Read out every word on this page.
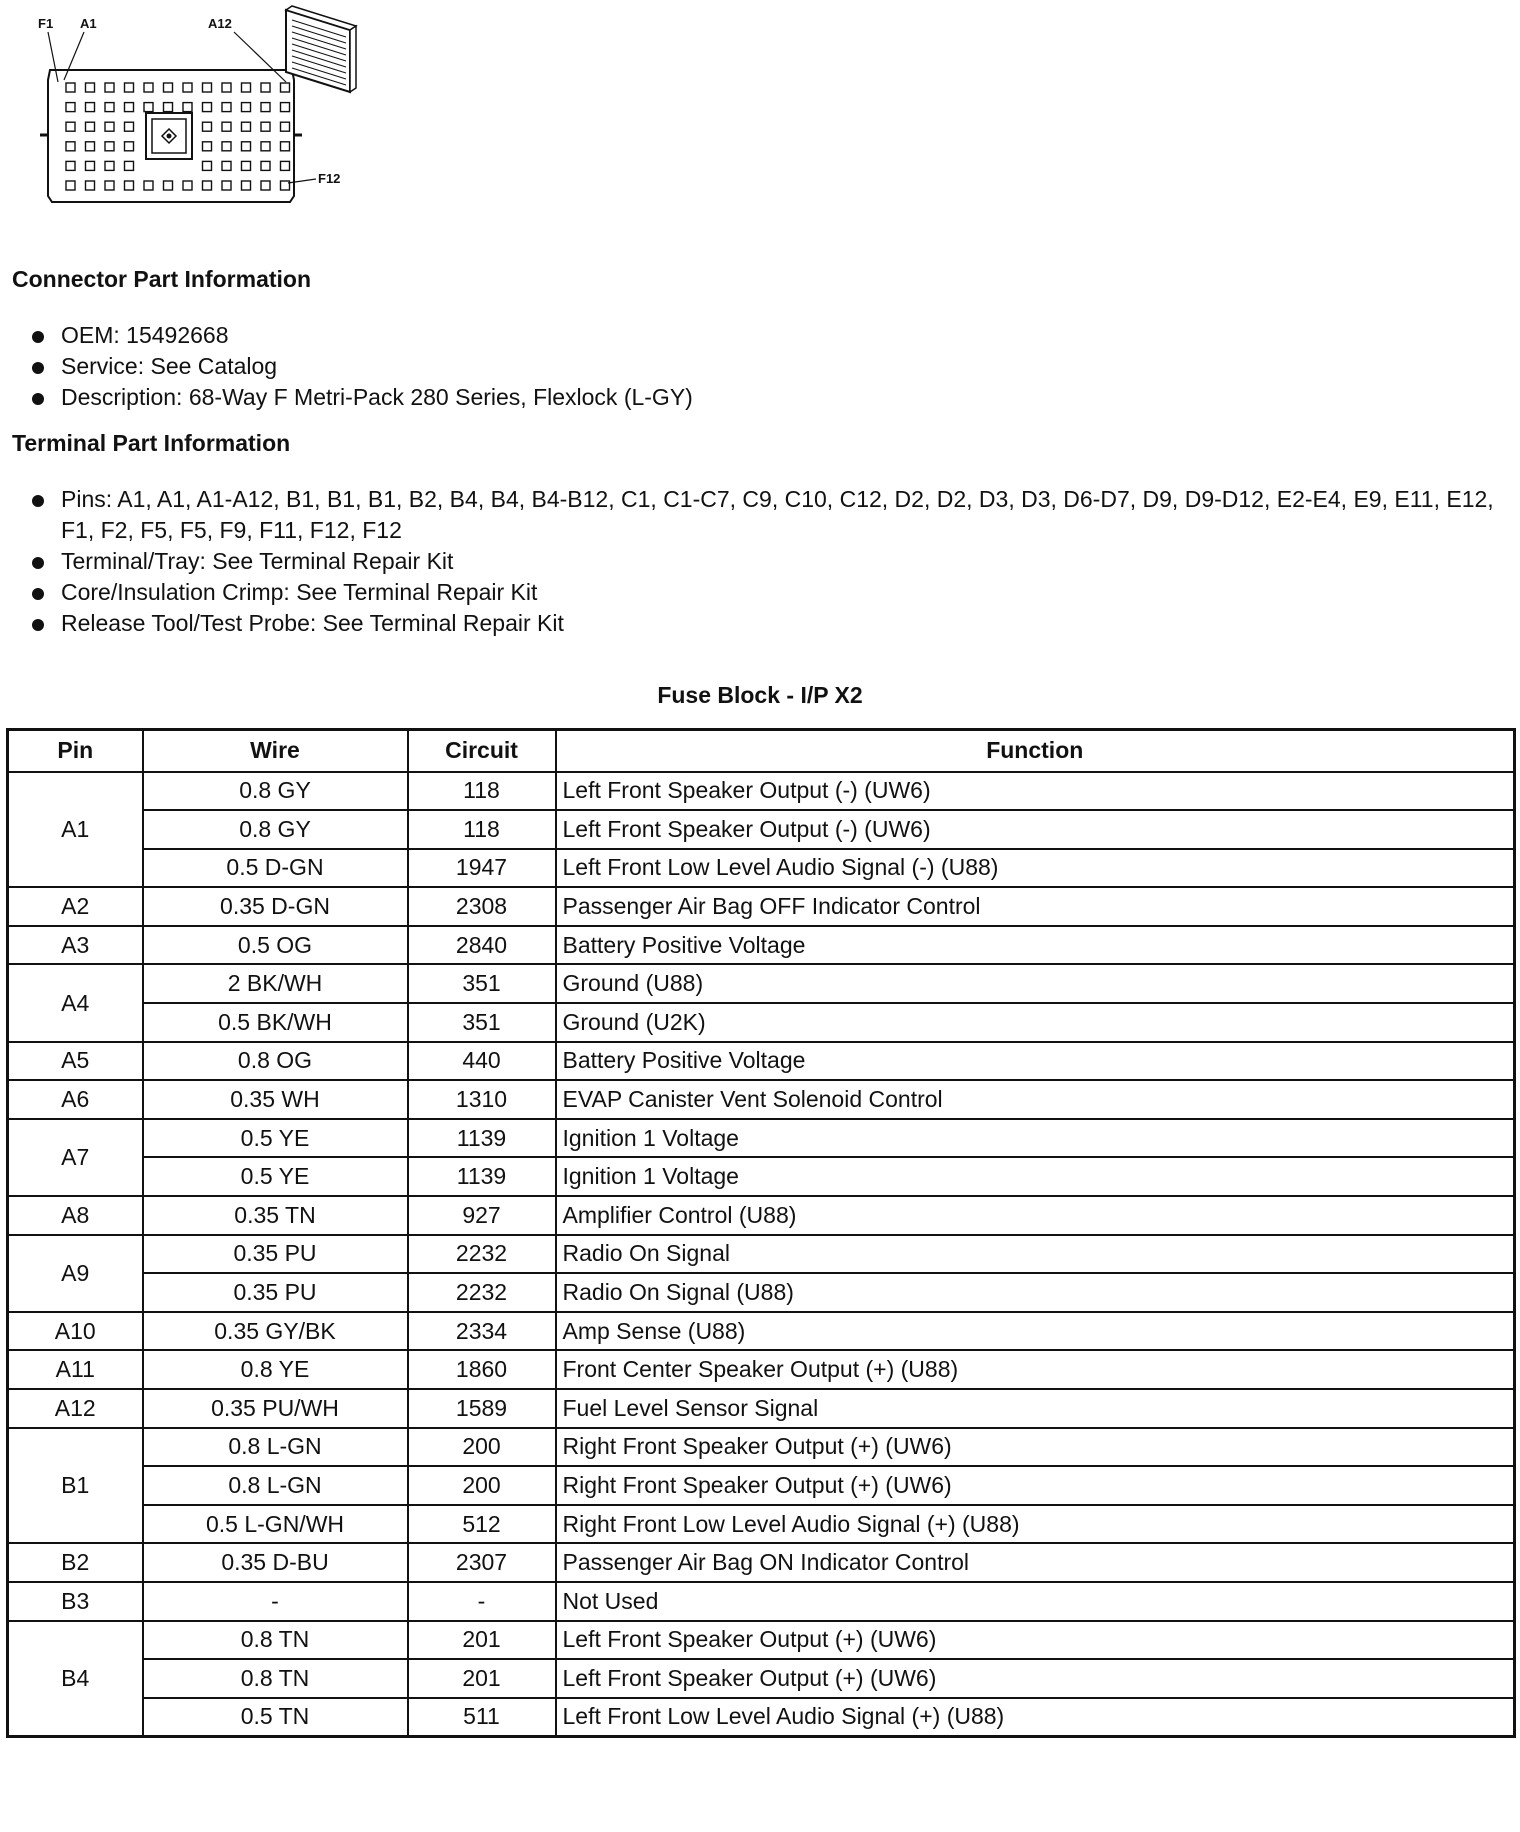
F1 A1	A12
F12
Connector Part Information
OEM: 15492668
Service: See Catalog
Description: 68-Way F Metri-Pack 280 Series, Flexlock (L-GY)
Terminal Part Information
Pins: A1, A1, A1-A12, B1, B1, B1, B2, B4, B4, B4-B12, C1, C1-C7, C9, C10, C12, D2, D2, D3, D3, D6-D7, D9, D9-D12, E2-E4, E9, E11, E12, F1, F2, F5, F5, F9, F11, F12, F12
Terminal/Tray: See Terminal Repair Kit
Core/Insulation Crimp: See Terminal Repair Kit
Release Tool/Test Probe: See Terminal Repair Kit
Fuse Block - I/P X2
Pin	Wire	Circuit	Function
A1	0.8 GY	118	Left Front Speaker Output (-) (UW6)
	0.8 GY	118	Left Front Speaker Output (-) (UW6)
	0.5 D-GN	1947	Left Front Low Level Audio Signal (-) (U88)
A2	0.35 D-GN	2308	Passenger Air Bag OFF Indicator Control
A3	0.5 OG	2840	Battery Positive Voltage
A4	2 BK/WH	351	Ground (U88)
	0.5 BK/WH	351	Ground (U2K)
A5	0.8 OG	440	Battery Positive Voltage
A6	0.35 WH	1310	EVAP Canister Vent Solenoid Control
A7	0.5 YE	1139	Ignition 1 Voltage
	0.5 YE	1139	Ignition 1 Voltage
A8	0.35 TN	927	Amplifier Control (U88)
A9	0.35 PU	2232	Radio On Signal
	0.35 PU	2232	Radio On Signal (U88)
A10	0.35 GY/BK	2334	Amp Sense (U88)
A11	0.8 YE	1860	Front Center Speaker Output (+) (U88)
A12	0.35 PU/WH	1589	Fuel Level Sensor Signal
B1	0.8 L-GN	200	Right Front Speaker Output (+) (UW6)
	0.8 L-GN	200	Right Front Speaker Output (+) (UW6)
	0.5 L-GN/WH	512	Right Front Low Level Audio Signal (+) (U88)
B2	0.35 D-BU	2307	Passenger Air Bag ON Indicator Control
B3	-	-	Not Used
B4	0.8 TN	201	Left Front Speaker Output (+) (UW6)
	0.8 TN	201	Left Front Speaker Output (+) (UW6)
	0.5 TN	511	Left Front Low Level Audio Signal (+) (U88)
